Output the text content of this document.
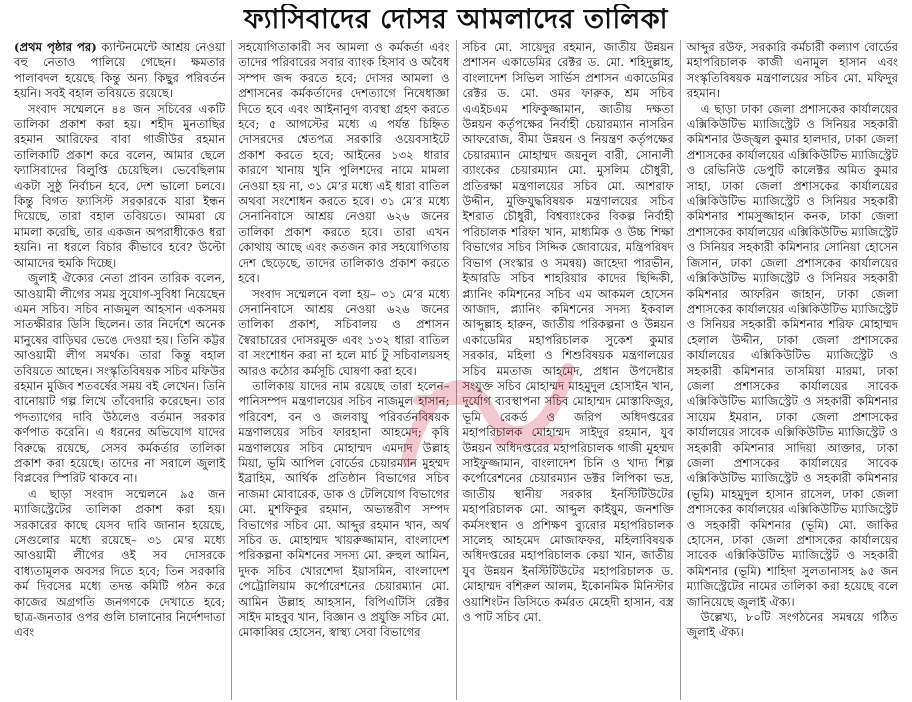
ফ্যাসিবাদের দোসর আমলাদের তালিকা

(প্রথম পৃষ্ঠার পর) ক্যান্টনমেন্টে আশ্রয় নেওয়া বহু নেতাও পালিয়ে গেছেন। ক্ষমতার পালাবদল হয়েছে কিন্তু অন্য কিছুর পরিবর্তন হয়নি। সবই বহাল তবিয়তে রয়েছে।

সংবাদ সম্মেলনে ৪৪ জন সচিবের একটি তালিকা প্রকাশ করা হয়। শহীদ মুনতাছির রহমান আরিফের বাবা গাজীউর রহমান তালিকাটি প্রকাশ করে বলেন, আমার ছেলে ফ্যাসিবাদের বিলুপ্তি চেয়েছিল। ভেবেছিলাম একটা সুষ্ঠু নির্বাচন হবে, দেশ ভালো চলবে। কিন্তু বিগত ফ্যাসিস্ট সরকারকে যারা ইন্ধন দিয়েছে, তারা বহাল তবিয়তে। আমরা যে মামলা করেছি, তার একজন অপরাধীকেও ধরা হয়নি। না ধরলে বিচার কীভাবে হবে? উল্টো আমাদের হুমকি দিচ্ছে।

জুলাই ঐক্যের নেতা প্রাবন তারিক বলেন, আওয়ামী লীগের সময় সুযোগ-সুবিধা নিয়েছেন এমন সচিব। সচিব নাজমুল আহসান একসময় সাতক্ষীরার ডিসি ছিলেন। তার নির্দেশে অনেক মানুষের বাড়িঘর ভেঙে দেওয়া হয়। তিনি কট্টর আওয়ামী লীগ সমর্থক। তারা কিন্তু বহাল তবিয়তে আছেন। সংস্কৃতিবিষয়ক সচিব মফিউর রহমান মুজিব শতবর্ষের সময় বই লেখেন। তিনি বানোয়াট গল্প লিখে তাঁবেদারি করেছেন। তার পদত্যাগের দাবি উঠলেও বর্তমান সরকার কর্ণপাত করেনি। এ ধরনের অভিযোগ যাদের বিরুদ্ধে রয়েছে, সেসব কর্মকর্তার তালিকা প্রকাশ করা হয়েছে। তাদের না সরালে জুলাই বিপ্লবের স্পিরিট থাকবে না।

এ ছাড়া সংবাদ সম্মেলনে ৯৫ জন ম্যাজিস্ট্রেটের তালিকা প্রকাশ করা হয়। সরকারের কাছে যেসব দাবি জানান হয়েছে, সেগুলোর মধ্যে রয়েছে– ৩১ মে’র মধ্যে আওয়ামী লীগের ওই সব দোসরকে বাধ্যতামূলক অবসর দিতে হবে; তিন সরকারি কর্ম দিবসের মধ্যে তদন্ত কমিটি গঠন করে কাজের অগ্রগতি জনগণকে দেখাতে হবে; ছাত্র-জনতার ওপর গুলি চালানোর নির্দেশদাতা এবং

সহযোগিতাকারী সব আমলা ও কর্মকর্তা এবং তাদের পরিবারের সবার ব্যাংক হিসাব ও অবৈধ সম্পদ জব্দ করতে হবে; দোসর আমলা ও প্রশাসনের কর্মকর্তাদের দেশত্যাগে নিষেধাজ্ঞা দিতে হবে এবং আইনানুগ ব্যবস্থা গ্রহণ করতে হবে; ৫ আগস্টের মধ্যে এ পর্যন্ত চিহ্নিত দোসরদের শ্বেতপত্র সরকারি ওয়েবসাইটে প্রকাশ করতে হবে; আইনের ১৩২ ধারার কারণে খানায় খুনি পুলিশদের নামে মামলা নেওয়া হয় না, ৩১ মে’র মধ্যে এই ধারা বাতিল অথবা সংশোধন করতে হবে। ৩১ মে’র মধ্যে সেনানিবাসে আশ্রয় নেওয়া ৬২৬ জনের তালিকা প্রকাশ করতে হবে। তারা এখন কোথায় আছে এবং কতজন কার সহযোগিতায় দেশ ছেড়েছে, তাদের তালিকাও প্রকাশ করতে হবে।

সংবাদ সম্মেলনে বলা হয়– ৩১ মে’র মধ্যে সেনানিবাসে আশ্রয় নেওয়া ৬২৬ জনের তালিকা প্রকাশ, সচিবালয় ও প্রশাসন স্বৈরাচারের দোসরমুক্ত এবং ১৩২ ধারা বাতিল বা সংশোধন করা না হলে মার্চ টু সচিবালয়সহ আরও কঠোর কর্মসূচি ঘোষণা করা হবে।

তালিকায় যাদের নাম রয়েছে তারা হলেন– পানিসম্পদ মন্ত্রণালয়ের সচিব নাজমুল হাসান; পরিবেশ, বন ও জলবায়ু পরিবর্তনবিষয়ক মন্ত্রণালয়ের সচিব ফারহানা আহমেদ; কৃষি মন্ত্রণালয়ের সচিব মোহাম্মদ এমদাদ উল্লাহ মিয়া, ভূমি আপিল বোর্ডের চেয়ারম্যান মুহম্মদ ইব্রাহিম, আর্থিক প্রতিষ্ঠান বিভাগের সচিব নাজমা মোবারেক, ডাক ও টেলিযোগ বিভাগের মো. মুশফিকুর রহমান, অভ্যন্তরীণ সম্পদ বিভাগের সচিব মো. আব্দুর রহমান খান, অর্থ সচিব ড. মোহাম্মদ খায়রুজ্জামান, বাংলাদেশ পরিকল্পনা কমিশনের সদস্য মো. রুহুল আমিন, দুদক সচিব খোরশেদা ইয়াসমিন, বাংলাদেশ পেট্রোলিয়াম কর্পোরেশনের চেয়ারম্যান মো. আমিন উল্লাহ আহসান, বিপিএটিসি রেক্টর সাইদ মাহবুব খান, বিজ্ঞান ও প্রযুক্তি সচিব মো. মোকাব্বির হোসেন, স্বাস্থ্য সেবা বিভাগের

সচিব মো. সায়েদুর রহমান, জাতীয় উন্নয়ন প্রশাসন একাডেমির রেক্টর ড. মো. শহিদুল্লাহ, বাংলাদেশ সিভিল সার্ভিস প্রশাসন একাডেমির রেক্টর ড. মো. ওমর ফারুক, শ্রম সচিব এএইচএম শফিকুজ্জামান, জাতীয় দক্ষতা উন্নয়ন কর্তৃপক্ষের নির্বাহী চেয়ারম্যান নাসরিন আফরোজ, বীমা উন্নয়ন ও নিয়ন্ত্রণ কর্তৃপক্ষের চেয়ারম্যান মোহাম্মদ জয়নুল বারী, সোনালী ব্যাংকের চেয়ারম্যান মো. মুসলিম চৌধুরী, প্রতিরক্ষা মন্ত্রণালয়ের সচিব মো. আশরাফ উদ্দীন, মুক্তিযুদ্ধবিষয়ক মন্ত্রণালয়ের সচিব ইশরাত চৌধুরী, বিশ্বব্যাংকের বিকল্প নির্বাহী পরিচালক শরিফা খান, মাধ্যমিক ও উচ্চ শিক্ষা বিভাগের সচিব সিদ্দিক জোবায়ের, মন্ত্রিপরিষদ বিভাগ (সংস্কার ও সমন্বয়) জাহেদা পারভীন, ইআরডি সচিব শাহরিয়ার কাদের ছিদ্দিকী, প্ল্যানিং কমিশনের সচিব এম আকমল হোসেন আজাদ, প্ল্যানিং কমিশনের সদস্য ইকবাল আব্দুল্লাহ হারুন, জাতীয় পরিকল্পনা ও উন্নয়ন একাডেমির মহাপরিচালক সুকেশ কুমার সরকার, মহিলা ও শিশুবিষয়ক মন্ত্রণালয়ের সচিব মমতাজ আহমেদ, প্রধান উপদেষ্টার সংযুক্ত সচিব মোহাম্মদ মাহমুদুল হোসাইন খান, দুর্যোগ ব্যবস্থাপনা সচিব মোহাম্মদ মোস্তাফিজুর, ভূমি রেকর্ড ও জরিপ অধিদপ্তরের মহাপরিচালক মোহাম্মদ সাইদুর রহমান, যুব উন্নয়ন অধিদপ্তরের মহাপরিচালক গাজী মুহম্মদ সাইফুজ্জামান, বাংলাদেশ চিনি ও খাদ্য শিল্প কর্পোরেশনের চেয়ারম্যান ডক্টর লিপিকা ভদ্র, জাতীয় স্থানীয় সরকার ইনস্টিটিউটের মহাপরিচালক মো. আব্দুল কাইয়ুম, জনশক্তি কর্মসংস্থান ও প্রশিক্ষণ ব্যুরোর মহাপরিচালক সালেহ আহমেদ মোজাফফর, মহিলাবিষয়ক অধিদপ্তরের মহাপরিচালক কেয়া খান, জাতীয় যুব উন্নয়ন ইনস্টিটিউটের মহাপরিচালক ড. মোহাম্মদ বশিরুল আলম, ইকোনমিক মিনিস্টার ওয়াশিংটন ডিসিতে কর্মরত মেহেদী হাসান, বস্ত্র ও পাট সচিব মো.

আব্দুর রউফ, সরকারি কর্মচারী কল্যাণ বোর্ডের মহাপরিচালক কাজী এনামুল হাসান এবং সংস্কৃতিবিষয়ক মন্ত্রণালয়ের সচিব মো. মফিদুর রহমান।

এ ছাড়া ঢাকা জেলা প্রশাসকের কার্যালয়ের এক্সিকিউটিভ ম্যাজিস্ট্রেট ও সিনিয়র সহকারী কমিশনার উজ্জ্বল কুমার হালদার, ঢাকা জেলা প্রশাসকের কার্যালয়ের এক্সিকিউটিভ ম্যাজিস্ট্রেট ও রেভিনিউ ডেপুটি কালেক্টর অমিত কুমার সাহা, ঢাকা জেলা প্রশাসকের কার্যালয়ের এক্সিকিউটিভ ম্যাজিস্ট্রেট ও সিনিয়র সহকারী কমিশনার শামসুজ্জাহান কনক, ঢাকা জেলা প্রশাসকের কার্যালয়ের এক্সিকিউটিভ ম্যাজিস্ট্রেট ও সিনিয়র সহকারী কমিশনার সোনিয়া হোসেন জিসান, ঢাকা জেলা প্রশাসকের কার্যালয়ের এক্সিকিউটিভ ম্যাজিস্ট্রেট ও সিনিয়র সহকারী কমিশনার আফরিন জাহান, ঢাকা জেলা প্রশাসকের কার্যালয়ের এক্সিকিউটিভ ম্যাজিস্ট্রেট ও সিনিয়র সহকারী কমিশনার শরিফ মোহাম্মদ হেলাল উদ্দীন, ঢাকা জেলা প্রশাসকের কার্যালয়ের এক্সিকিউটিভ ম্যাজিস্ট্রেট ও সহকারী কমিশনার তাসমিয়া মারমা, ঢাকা জেলা প্রশাসকের কার্যালয়ের সাবেক এক্সিকিউটিভ ম্যাজিস্ট্রেট ও সহকারী কমিশনার সায়েম ইমরান, ঢাকা জেলা প্রশাসকের কার্যালয়ের সাবেক এক্সিকিউটিভ ম্যাজিস্ট্রেট ও সহকারী কমিশনার সাদিয়া আক্তার, ঢাকা জেলা প্রশাসকের কার্যালয়ের সাবেক এক্সিকিউটিভ ম্যাজিস্ট্রেট ও সহকারী কমিশনার (ভূমি) মাহমুদুল হাসান রাসেল, ঢাকা জেলা প্রশাসকের কার্যালয়ের এক্সিকিউটিভ ম্যাজিস্ট্রেট ও সহকারী কমিশনার (ভূমি) মো. জাকির হোসেন, ঢাকা জেলা প্রশাসকের কার্যালয়ের সাবেক এক্সিকিউটিভ ম্যাজিস্ট্রেট ও সহকারী কমিশনার (ভূমি) শাহিদা সুলতানাসহ ৯৫ জন ম্যাজিস্ট্রেটের নামের তালিকা করা হয়েছে বলে জানিয়েছে জুলাই ঐক্য।

উল্লেখ্য, ৮০টি সংগঠনের সমন্বয়ে গঠিত জুলাই ঐক্য।
